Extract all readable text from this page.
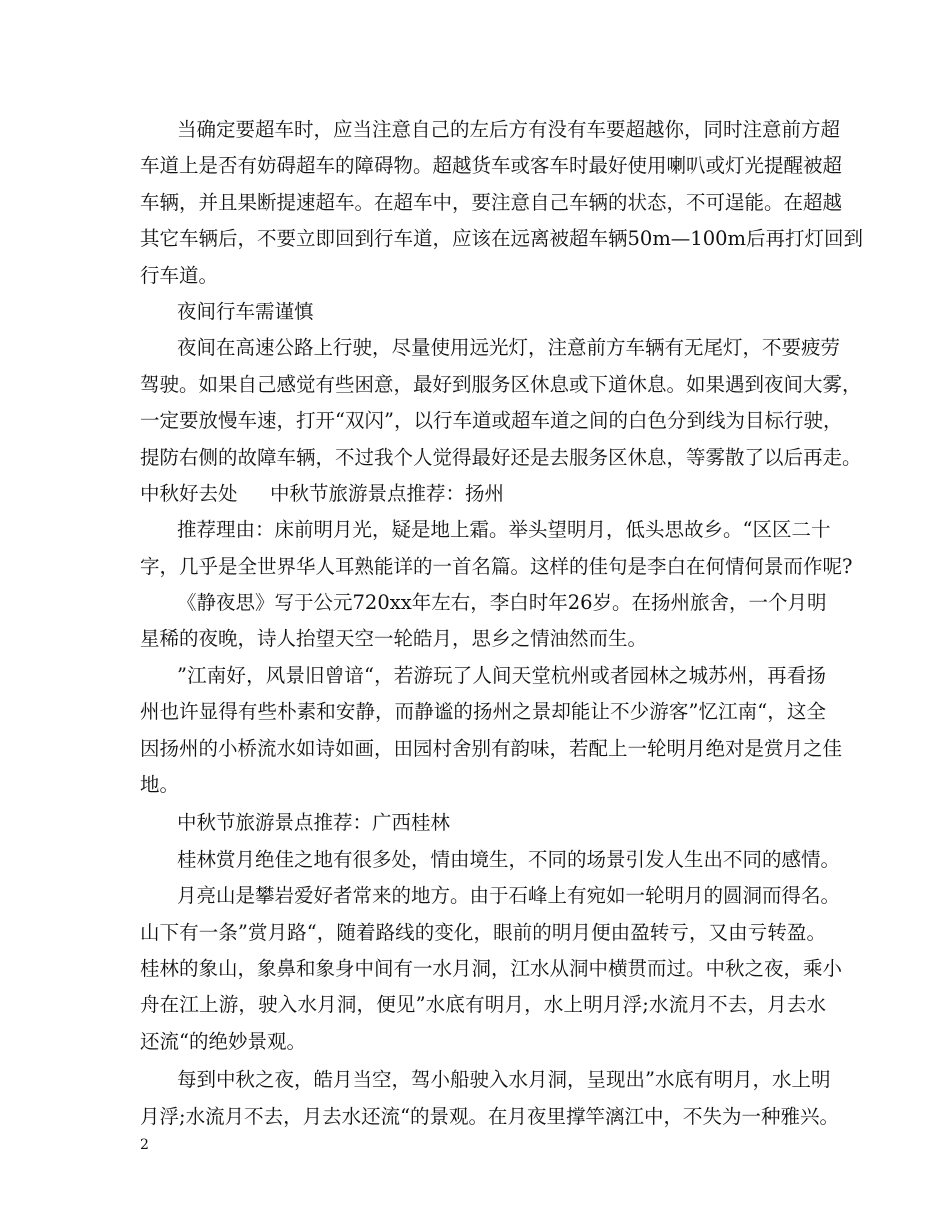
当确定要超车时，应当注意自己的左后方有没有车要超越你，同时注意前方超
车道上是否有妨碍超车的障碍物。超越货车或客车时最好使用喇叭或灯光提醒被超
车辆，并且果断提速超车。在超车中，要注意自己车辆的状态，不可逞能。在超越
其它车辆后，不要立即回到行车道，应该在远离被超车辆50m—100m后再打灯回到
行车道。
夜间行车需谨慎
夜间在高速公路上行驶，尽量使用远光灯，注意前方车辆有无尾灯，不要疲劳
驾驶。如果自己感觉有些困意，最好到服务区休息或下道休息。如果遇到夜间大雾，
一定要放慢车速，打开“双闪”，以行车道或超车道之间的白色分到线为目标行驶，
提防右侧的故障车辆，不过我个人觉得最好还是去服务区休息，等雾散了以后再走。
中秋好去处	中秋节旅游景点推荐：扬州
推荐理由：床前明月光，疑是地上霜。举头望明月，低头思故乡。“区区二十
字，几乎是全世界华人耳熟能详的一首名篇。这样的佳句是李白在何情何景而作呢?
《静夜思》写于公元720xx年左右，李白时年26岁。在扬州旅舍，一个月明
星稀的夜晚，诗人抬望天空一轮皓月，思乡之情油然而生。
”江南好，风景旧曾谙“，若游玩了人间天堂杭州或者园林之城苏州，再看扬
州也许显得有些朴素和安静，而静谧的扬州之景却能让不少游客”忆江南“，这全
因扬州的小桥流水如诗如画，田园村舍别有韵味，若配上一轮明月绝对是赏月之佳
地。
中秋节旅游景点推荐：广西桂林
桂林赏月绝佳之地有很多处，情由境生，不同的场景引发人生出不同的感情。
月亮山是攀岩爱好者常来的地方。由于石峰上有宛如一轮明月的圆洞而得名。
山下有一条”赏月路“，随着路线的变化，眼前的明月便由盈转亏，又由亏转盈。
桂林的象山，象鼻和象身中间有一水月洞，江水从洞中横贯而过。中秋之夜，乘小
舟在江上游，驶入水月洞，便见”水底有明月，水上明月浮;水流月不去，月去水
还流“的绝妙景观。
每到中秋之夜，皓月当空，驾小船驶入水月洞，呈现出”水底有明月，水上明
月浮;水流月不去，月去水还流“的景观。在月夜里撑竿漓江中，不失为一种雅兴。
2
